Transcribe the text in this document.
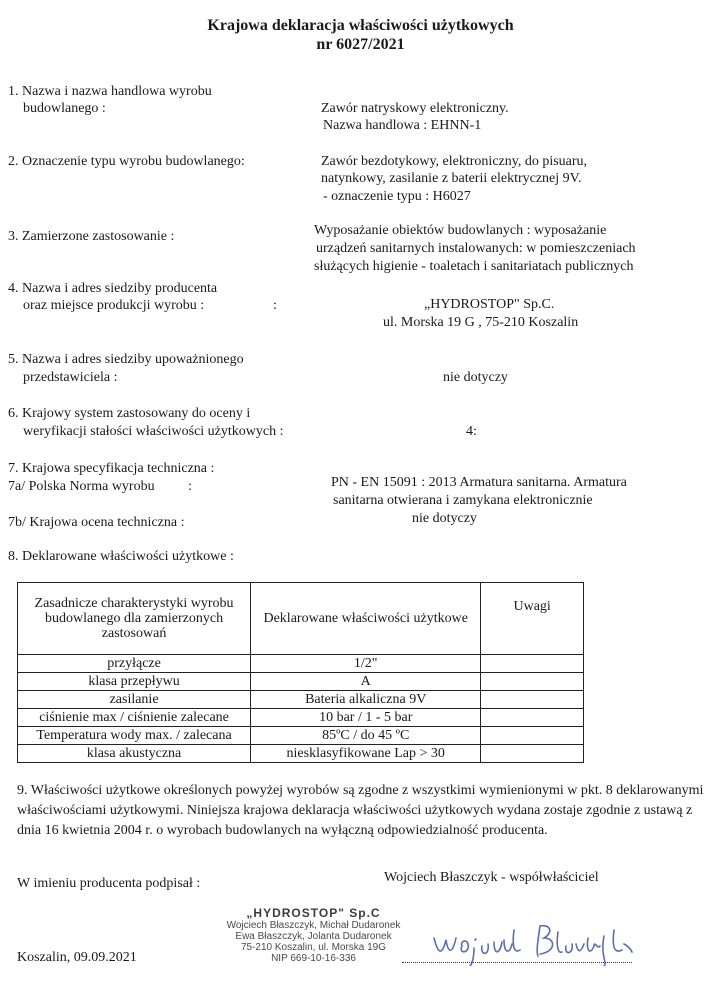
Krajowa deklaracja właściwości użytkowych
nr 6027/2021
1. Nazwa i nazwa handlowa wyrobu
budowlanego :	Zawór natryskowy elektroniczny.
Nazwa handlowa : EHNN-1
2. Oznaczenie typu wyrobu budowlanego:	Zawór bezdotykowy, elektroniczny, do pisuaru,
natynkowy, zasilanie z baterii elektrycznej 9V.
- oznaczenie typu : H6027
3. Zamierzone zastosowanie :	Wyposażanie obiektów budowlanych : wyposażanie
urządzeń sanitarnych instalowanych: w pomieszczeniach
służących higienie - toaletach i sanitariatach publicznych
4. Nazwa i adres siedziby producenta
oraz miejsce produkcji wyrobu :	:	„HYDROSTOP" Sp.C.
ul. Morska 19 G , 75-210 Koszalin
5. Nazwa i adres siedziby upoważnionego
przedstawiciela :	nie dotyczy
6. Krajowy system zastosowany do oceny i
weryfikacji stałości właściwości użytkowych :	4:
7. Krajowa specyfikacja techniczna :
7a/ Polska Norma wyrobu :	PN - EN 15091 : 2013 Armatura sanitarna. Armatura
sanitarna otwierana i zamykana elektronicznie
7b/ Krajowa ocena techniczna :	nie dotyczy
8. Deklarowane właściwości użytkowe :
Zasadnicze charakterystyki wyrobu budowlanego dla zamierzonych zastosowań	Deklarowane właściwości użytkowe	Uwagi
przyłącze	1/2"	
klasa przepływu	A	
zasilanie	Bateria alkaliczna 9V	
ciśnienie max / ciśnienie zalecane	10 bar / 1 - 5 bar	
Temperatura wody max. / zalecana	85ºC / do 45 ºC	
klasa akustyczna	niesklasyfikowane Lap > 30	
9. Właściwości użytkowe określonych powyżej wyrobów są zgodne z wszystkimi wymienionymi w pkt. 8 deklarowanymi właściwościami użytkowymi. Niniejsza krajowa deklaracja właściwości użytkowych wydana zostaje zgodnie z ustawą z dnia 16 kwietnia 2004 r. o wyrobach budowlanych na wyłączną odpowiedzialność producenta.
W imieniu producenta podpisał :	Wojciech Błaszczyk - współwłaściciel
„HYDROSTOP" Sp.C
Wojciech Błaszczyk, Michał Dudaronek
Ewa Błaszczyk, Jolanta Dudaronek
75-210 Koszalin, ul. Morska 19G
NIP 669-10-16-336
Koszalin, 09.09.2021
